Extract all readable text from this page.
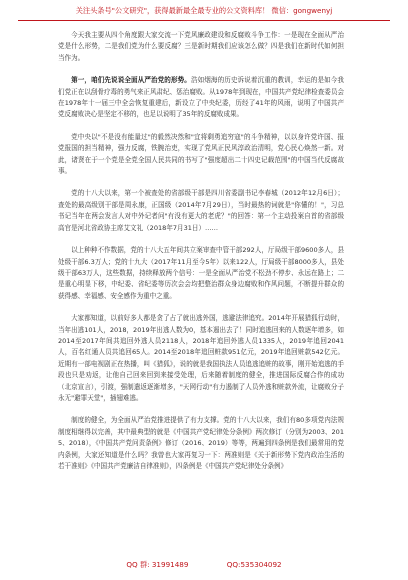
关注头条号"公文研究"，获得最新最全最专业的公文资料库！ 微信：gongwenyj

今天我主要从四个角度跟大家交流一下党风廉政建设和反腐败斗争工作：一是现在全面从严治党是什么形势，二是我们党为什么要反腐？三是新时期我们应该怎么做？四是我们在新时代如何担当作为。

第一，咱们先说说全面从严治党的形势。浩如烟海的历史诉说着沉重的教训，幸运的是如今我们党正在以刮骨疗毒的勇气来正风肃纪、惩治腐败。从1978年到现在，中国共产党纪律检查委员会在1978年十一届三中全会恢复重建后，新设立了中央纪委，历经了41年的风雨，说明了中国共产党反腐败决心是坚定不移的，也足以说明了35年的反腐败成果。

党中央以"不是没有能量过"的毅然决然和"宜将剩勇追穷寇"的斗争精神，以以身许党许国、报党报国的担当精神，强力反腐，铁腕治吏，实现了党风正民风淳政治清明，党心民心焕然一新。对此，诸贤在于一个党是全党全国人民共同的书写了"强度超出二十四史记载范围"的中国当代反腐故事。

党的十八大以来，第一个被查处的省部级干部是四川省委副书记李春城（2012年12月6日）；查处的最高级别干部是周永康，正国级（2014年7月29日），当时最热的词就是"你懂的！"，习总书记当年在两会发言人对中外记者问"有没有更大的老虎？"的回答：第一个主动投案自首的省部级高官是河北省政协主席艾文礼（2018年7月31日）……

以上种种不作数据，党的十八大五年间共立案审查中管干部292人，厅局级干部9600多人，县处级干部6.3万人；党的十九大（2017年11月至今5年）以来122人，厅局级干部8000多人，县处级干部63万人，这些数据，持续释放两个信号：一是全面从严治党不松劲不停步、永远在路上；二是重心明显下移，中纪委、省纪委等历次会会均把整治群众身边腐败和作风问题，不断提升群众的获得感、幸福感、安全感作为重中之重。

大家都知道，以前好多人都是贪了占了就出逃外国，逃避法律追究。2014年开展猎狐行动时，当年出逃101人，2018，2019年出逃人数为0，基本遏出去了！同时追逃回来的人数逐年增多，如2014至2017年间共追回外逃人员2118人，2018年追回外逃人员1335人，2019年追回2041人，百名红通人员共追回65人。2014至2018年追回赃款951亿元，2019年追回赃款542亿元。近期有一部电视剧正在热播，叫《猎狐》，说的就是我国执法人员追逃追赃的故事，刚开始追逃的手段也只是劝返，让他自己回来回到来接受处理，后来随着制度的健全，推进国际反腐合作的成功（北京宣言），引渡，强制遣返逐渐增多，"天网行动"有力遏制了人员外逃和赃款外流，让腐败分子永无"避罪天堂"，插翅难逃。

制度的健全，为全面从严治党推进提供了有力支撑。党的十八大以来，我们有80多项党内法规制度相继得以完善，其中最典型的就是《中国共产党纪律处分条例》两次修订（分别为2003、2015、2018），《中国共产党问责条例》修订（2016、2019）等等，两遍到四条例是我们最常用的党内条例，大家还知道是什么吗？我曾也大家再复习一下：两准则是《关于新形势下党内政治生活的若干准则》《中国共产党廉洁自律准则》，四条例是《中国共产党纪律处分条例》

QQ 群: 31991489	QQ:535304092
